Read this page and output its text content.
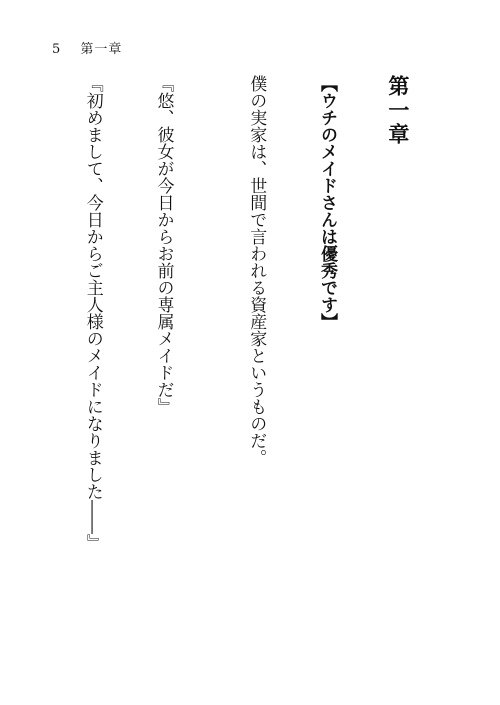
5 第一章

第一章

【ウチのメイドさんは優秀です】

僕の実家は、世間で言われる資産家というものだ。

『悠、彼女が今日からお前の専属メイドだ』

『初めまして、今日からご主人様のメイドになりました――』
